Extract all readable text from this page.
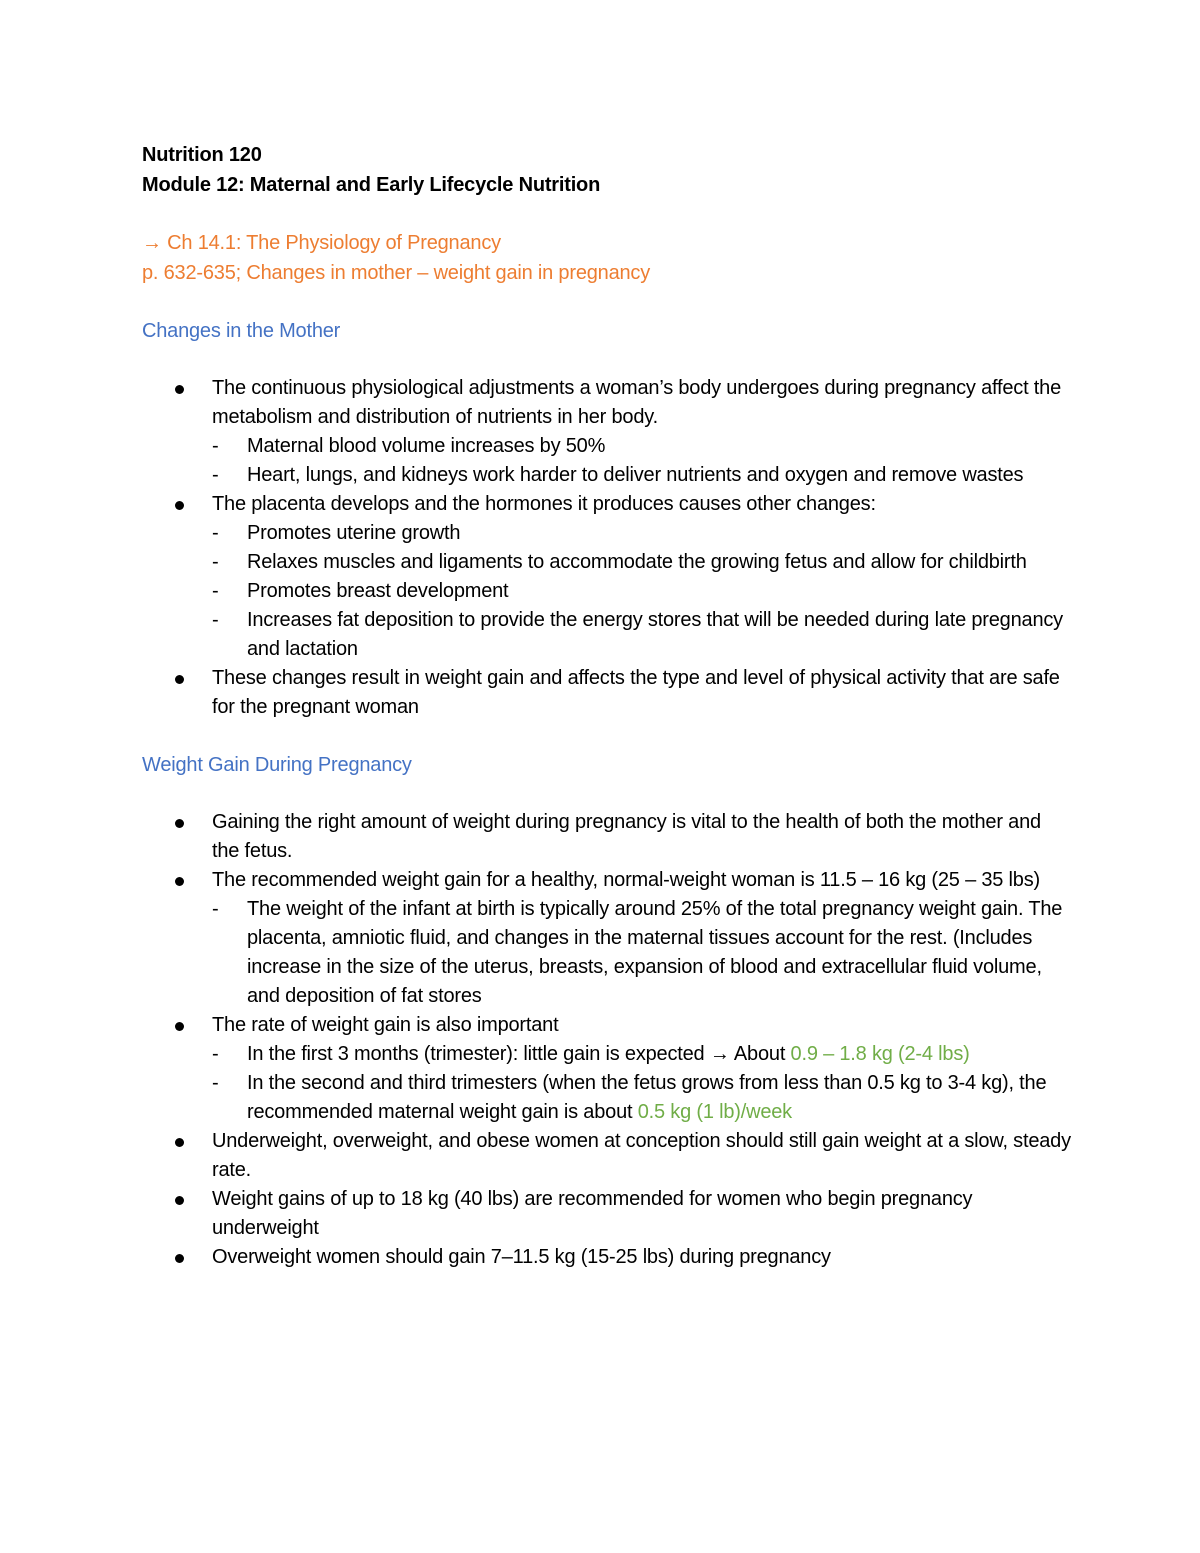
Nutrition 120

Module 12: Maternal and Early Lifecycle Nutrition

→ Ch 14.1: The Physiology of Pregnancy

p. 632-635; Changes in mother – weight gain in pregnancy

Changes in the Mother

The continuous physiological adjustments a woman’s body undergoes during pregnancy affect the metabolism and distribution of nutrients in her body.
- Maternal blood volume increases by 50%
- Heart, lungs, and kidneys work harder to deliver nutrients and oxygen and remove wastes
The placenta develops and the hormones it produces causes other changes:
- Promotes uterine growth
- Relaxes muscles and ligaments to accommodate the growing fetus and allow for childbirth
- Promotes breast development
- Increases fat deposition to provide the energy stores that will be needed during late pregnancy and lactation
These changes result in weight gain and affects the type and level of physical activity that are safe for the pregnant woman

Weight Gain During Pregnancy

Gaining the right amount of weight during pregnancy is vital to the health of both the mother and the fetus.
The recommended weight gain for a healthy, normal-weight woman is 11.5 – 16 kg (25 – 35 lbs)
- The weight of the infant at birth is typically around 25% of the total pregnancy weight gain. The placenta, amniotic fluid, and changes in the maternal tissues account for the rest. (Includes increase in the size of the uterus, breasts, expansion of blood and extracellular fluid volume, and deposition of fat stores
The rate of weight gain is also important
- In the first 3 months (trimester): little gain is expected → About 0.9 – 1.8 kg (2-4 lbs)
- In the second and third trimesters (when the fetus grows from less than 0.5 kg to 3-4 kg), the recommended maternal weight gain is about 0.5 kg (1 lb)/week
Underweight, overweight, and obese women at conception should still gain weight at a slow, steady rate.
Weight gains of up to 18 kg (40 lbs) are recommended for women who begin pregnancy underweight
Overweight women should gain 7–11.5 kg (15-25 lbs) during pregnancy
